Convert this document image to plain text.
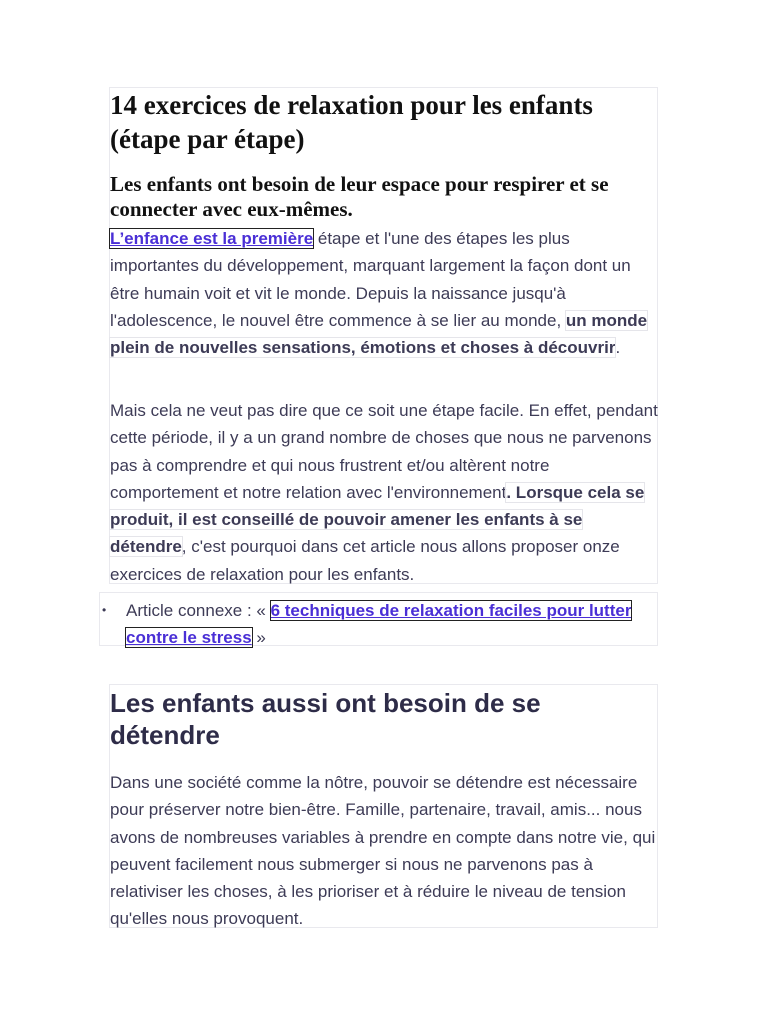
14 exercices de relaxation pour les enfants (étape par étape)
Les enfants ont besoin de leur espace pour respirer et se connecter avec eux-mêmes.

L’enfance est la première étape et l'une des étapes les plus importantes du développement, marquant largement la façon dont un être humain voit et vit le monde. Depuis la naissance jusqu'à l'adolescence, le nouvel être commence à se lier au monde, un monde plein de nouvelles sensations, émotions et choses à découvrir.

Mais cela ne veut pas dire que ce soit une étape facile. En effet, pendant cette période, il y a un grand nombre de choses que nous ne parvenons pas à comprendre et qui nous frustrent et/ou altèrent notre comportement et notre relation avec l'environnement. Lorsque cela se produit, il est conseillé de pouvoir amener les enfants à se détendre, c'est pourquoi dans cet article nous allons proposer onze exercices de relaxation pour les enfants.

• Article connexe : « 6 techniques de relaxation faciles pour lutter contre le stress »
Les enfants aussi ont besoin de se détendre

Dans une société comme la nôtre, pouvoir se détendre est nécessaire pour préserver notre bien-être. Famille, partenaire, travail, amis... nous avons de nombreuses variables à prendre en compte dans notre vie, qui peuvent facilement nous submerger si nous ne parvenons pas à relativiser les choses, à les prioriser et à réduire le niveau de tension qu'elles nous provoquent.
